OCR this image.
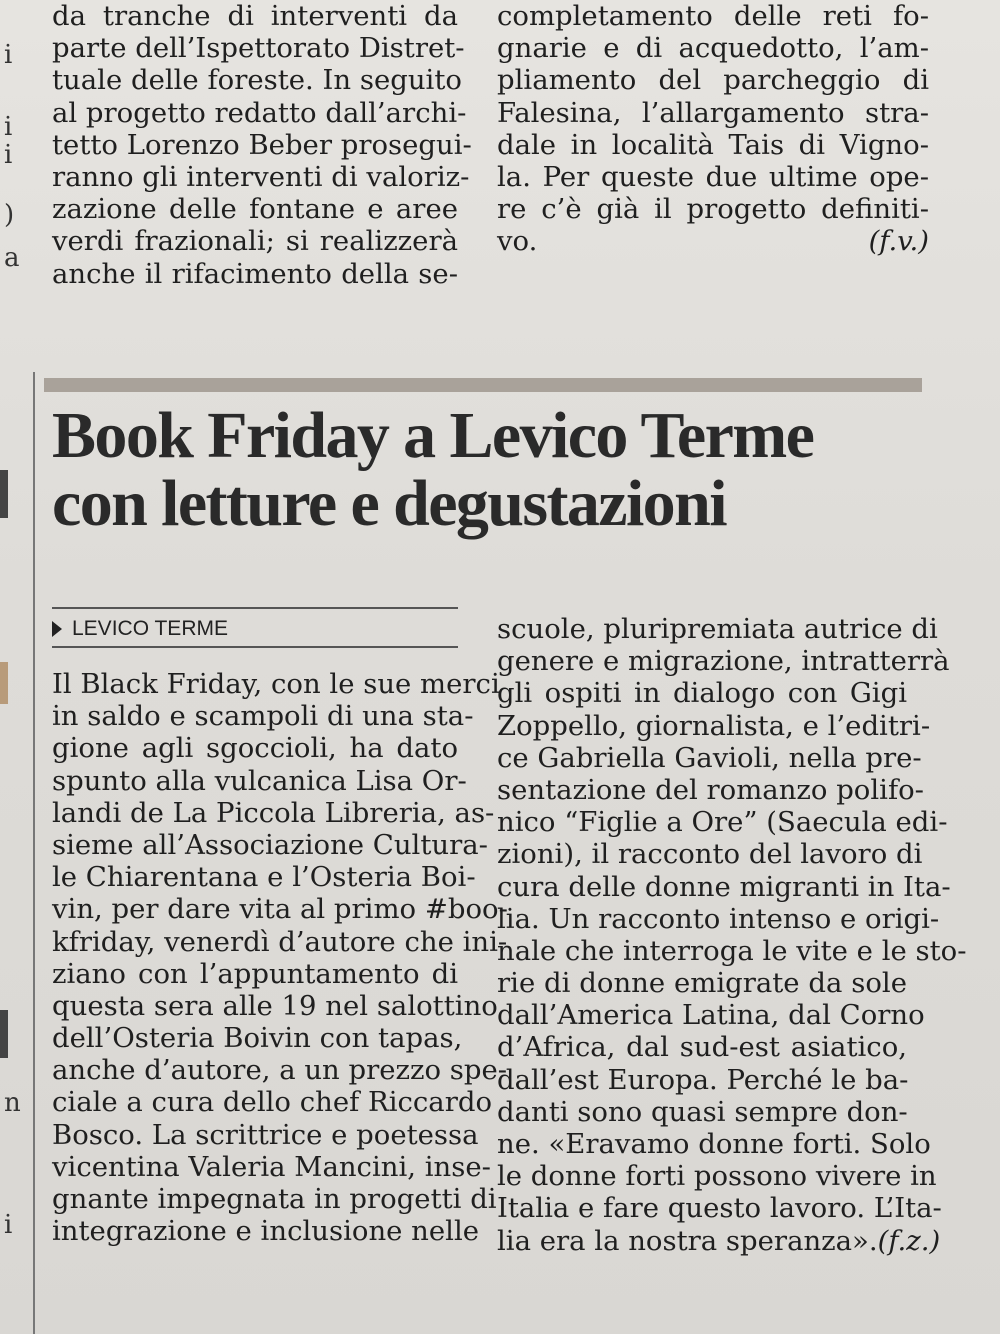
i
i
i
)
a
n
i
da tranche di interventi da
parte dell’Ispettorato Distret-
tuale delle foreste. In seguito
al progetto redatto dall’archi-
tetto Lorenzo Beber prosegui-
ranno gli interventi di valoriz-
zazione delle fontane e aree
verdi frazionali; si realizzerà
anche il rifacimento della se-
completamento delle reti fo-
gnarie e di acquedotto, l’am-
pliamento del parcheggio di
Falesina, l’allargamento stra-
dale in località Tais di Vigno-
la. Per queste due ultime ope-
re c’è già il progetto definiti-
vo.	(f.v.)
Book Friday a Levico Terme
con letture e degustazioni
LEVICO TERME
Il Black Friday, con le sue merci
in saldo e scampoli di una sta-
gione agli sgoccioli, ha dato
spunto alla vulcanica Lisa Or-
landi de La Piccola Libreria, as-
sieme all’Associazione Cultura-
le Chiarentana e l’Osteria Boi-
vin, per dare vita al primo #boo-
kfriday, venerdì d’autore che ini-
ziano con l’appuntamento di
questa sera alle 19 nel salottino
dell’Osteria Boivin con tapas,
anche d’autore, a un prezzo spe-
ciale a cura dello chef Riccardo
Bosco. La scrittrice e poetessa
vicentina Valeria Mancini, inse-
gnante impegnata in progetti di
integrazione e inclusione nelle
scuole, pluripremiata autrice di
genere e migrazione, intratterrà
gli ospiti in dialogo con Gigi
Zoppello, giornalista, e l’editri-
ce Gabriella Gavioli, nella pre-
sentazione del romanzo polifo-
nico “Figlie a Ore” (Saecula edi-
zioni), il racconto del lavoro di
cura delle donne migranti in Ita-
lia. Un racconto intenso e origi-
nale che interroga le vite e le sto-
rie di donne emigrate da sole
dall’America Latina, dal Corno
d’Africa, dal sud-est asiatico,
dall’est Europa. Perché le ba-
danti sono quasi sempre don-
ne. «Eravamo donne forti. Solo
le donne forti possono vivere in
Italia e fare questo lavoro. L’Ita-
lia era la nostra speranza». (f.z.)
